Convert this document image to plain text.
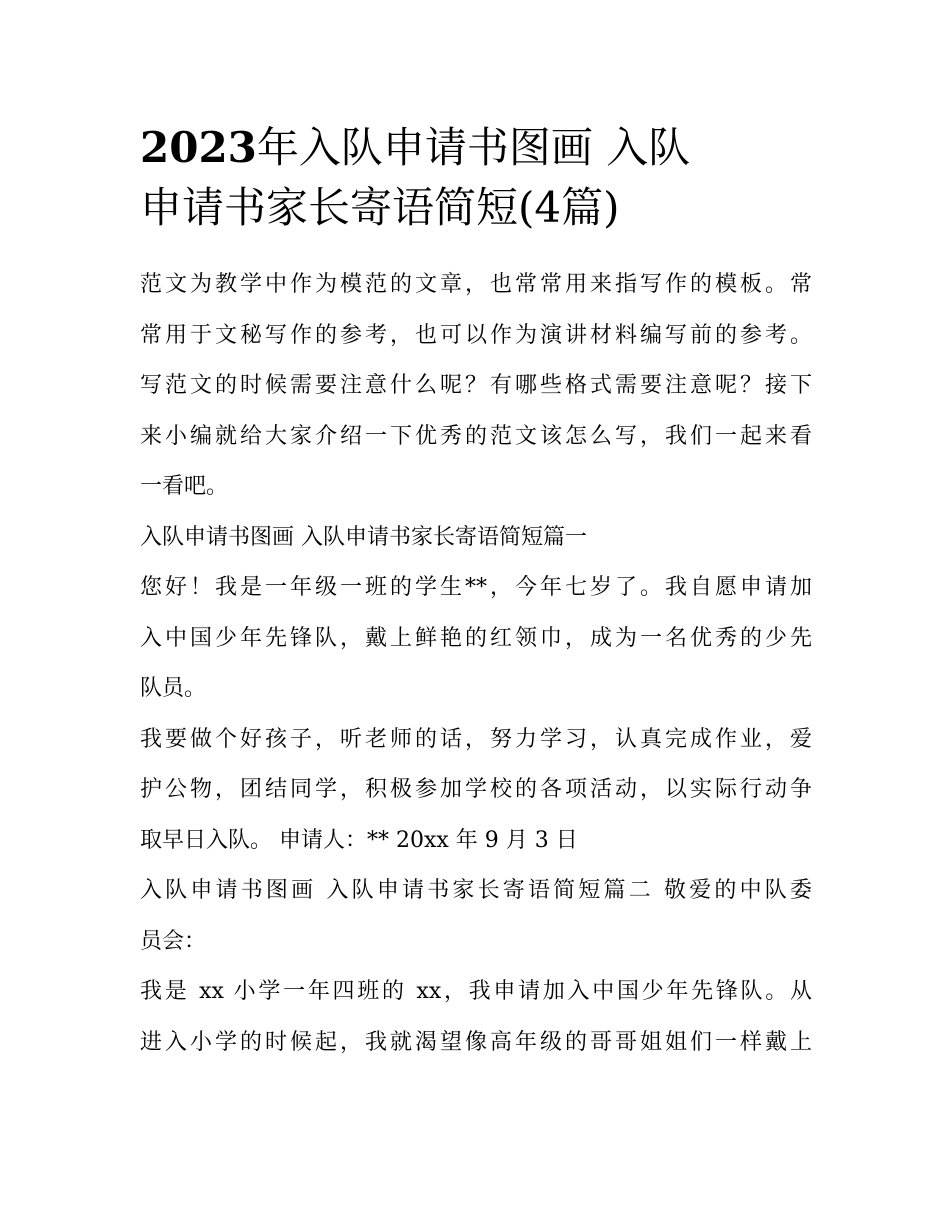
2023年入队申请书图画 入队
申请书家长寄语简短(4篇)
范文为教学中作为模范的文章，也常常用来指写作的模板。常
常用于文秘写作的参考，也可以作为演讲材料编写前的参考。
写范文的时候需要注意什么呢？有哪些格式需要注意呢？接下
来小编就给大家介绍一下优秀的范文该怎么写，我们一起来看
一看吧。
入队申请书图画 入队申请书家长寄语简短篇一
您好！我是一年级一班的学生**，今年七岁了。我自愿申请加
入中国少年先锋队，戴上鲜艳的红领巾，成为一名优秀的少先
队员。
我要做个好孩子，听老师的话，努力学习，认真完成作业，爱
护公物，团结同学，积极参加学校的各项活动，以实际行动争
取早日入队。 申请人：** 20xx 年 9 月 3 日
入队申请书图画 入队申请书家长寄语简短篇二 敬爱的中队委
员会：
我是 xx 小学一年四班的 xx，我申请加入中国少年先锋队。从
进入小学的时候起，我就渴望像高年级的哥哥姐姐们一样戴上
